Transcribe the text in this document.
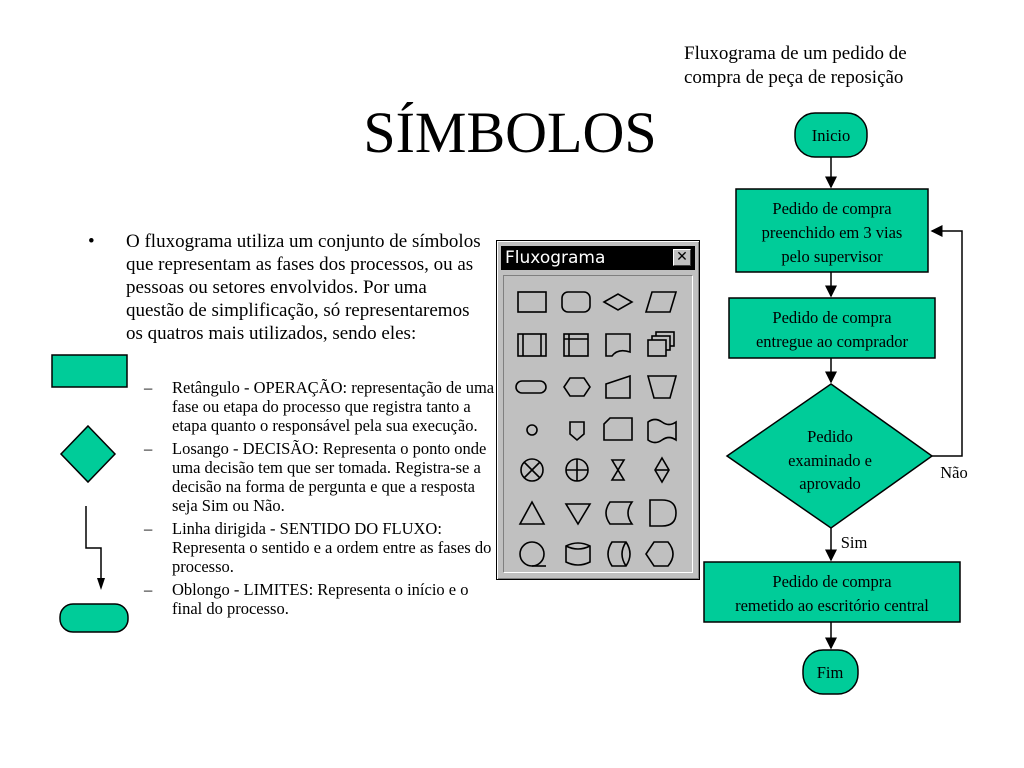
SÍMBOLOS
Fluxograma de um pedido de
compra de peça de reposição
• O fluxograma utiliza um conjunto de símbolos que representam as fases dos processos, ou as pessoas ou setores envolvidos. Por uma questão de simplificação, só representaremos os quatros mais utilizados, sendo eles:
– Retângulo - OPERAÇÃO: representação de uma fase ou etapa do processo que registra tanto a etapa quanto o responsável pela sua execução.
– Losango - DECISÃO: Representa o ponto onde uma decisão tem que ser tomada. Registra-se a decisão na forma de pergunta e que a resposta seja Sim ou Não.
– Linha dirigida - SENTIDO DO FLUXO: Representa o sentido e a ordem entre as fases do processo.
– Oblongo - LIMITES: Representa o início e o final do processo.
Fluxograma	✕
Inicio
Pedido de compra
preenchido em 3 vias
pelo supervisor
Pedido de compra
entregue ao comprador
Pedido
examinado e
aprovado
Não
Sim
Pedido de compra
remetido ao escritório central
Fim
